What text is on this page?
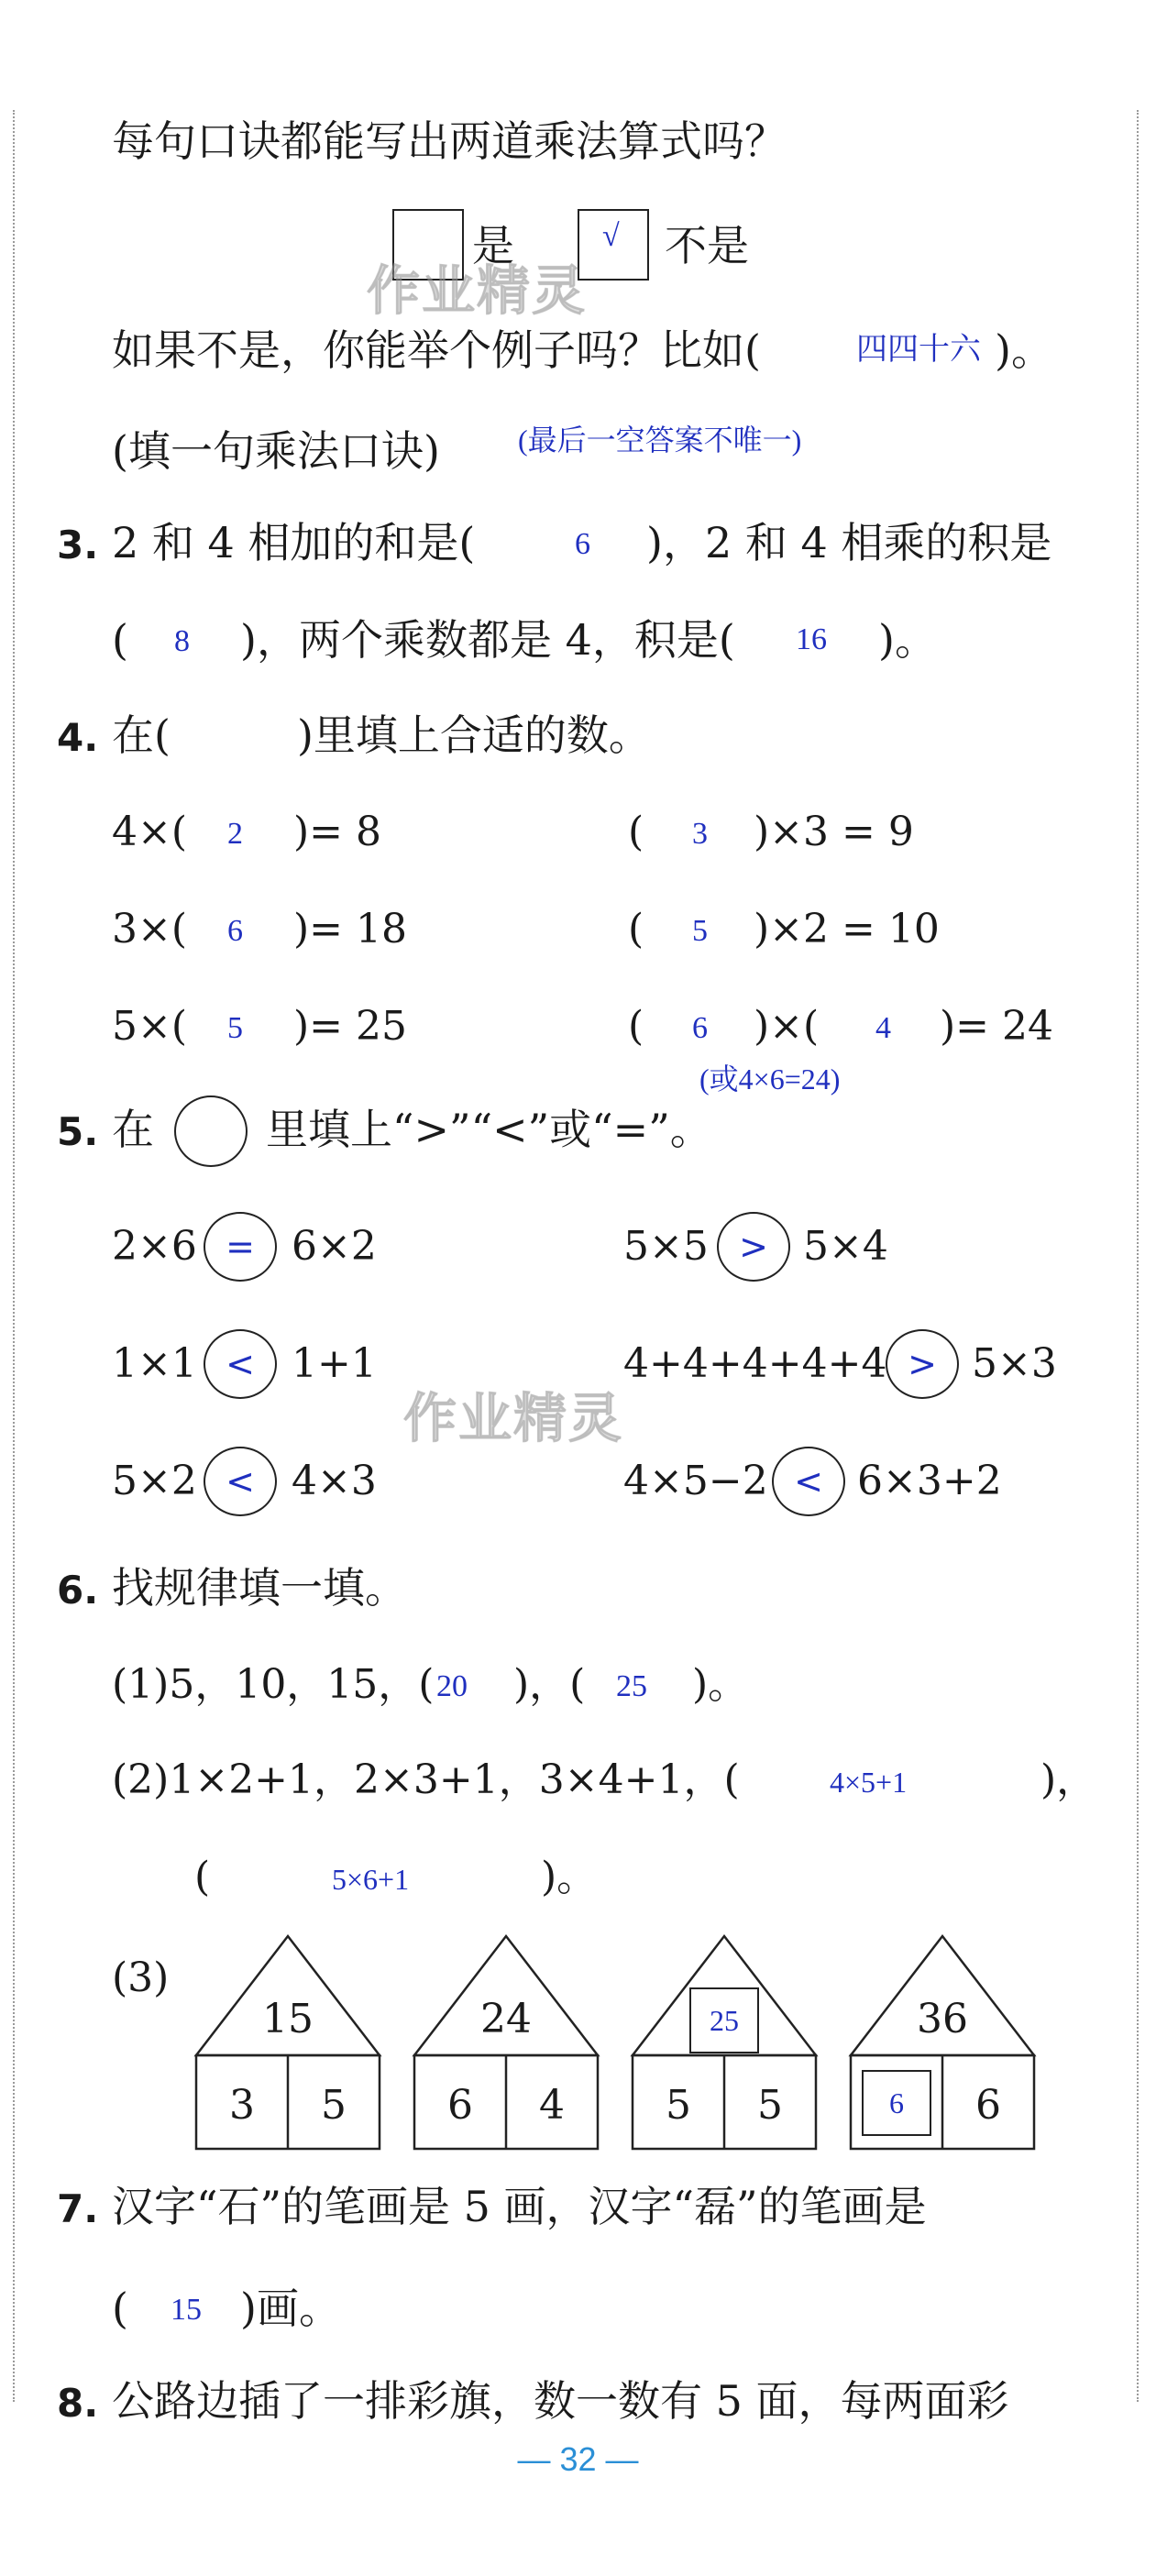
每句口诀都能写出两道乘法算式吗？
是	√ 不是
作业精灵
如果不是，你能举个例子吗？比如(	四四十六 )。
(填一句乘法口诀)	(最后一空答案不唯一)
3. 2 和 4 相加的和是(	6 )，2 和 4 相乘的积是
( 8 )，两个乘数都是 4，积是( 16 )。
4. 在(　　　)里填上合适的数。
4×( 2 )= 8	( 3 )×3 = 9
3×( 6 )= 18	( 5 )×2 = 10
5×( 5 )= 25	( 6 )×( 4 )= 24
(或4×6=24)
5. 在	里填上“>”“<”或“=”。
2×6 = 6×2	5×5 > 5×4
1×1 < 1+1	4+4+4+4+4 > 5×3
作业精灵
5×2 < 4×3	4×5−2 < 6×3+2
6. 找规律填一填。
(1)5，10，15，( 20 )，( 25 )。
(2)1×2+1，2×3+1，3×4+1，(	4×5+1	)，
(	5×6+1	)。
(3)
15
3	5
24
6	4
25
5	5
36
6	6
7. 汉字“石”的笔画是 5 画，汉字“磊”的笔画是
( 15 )画。
8. 公路边插了一排彩旗，数一数有 5 面，每两面彩
— 32 —
